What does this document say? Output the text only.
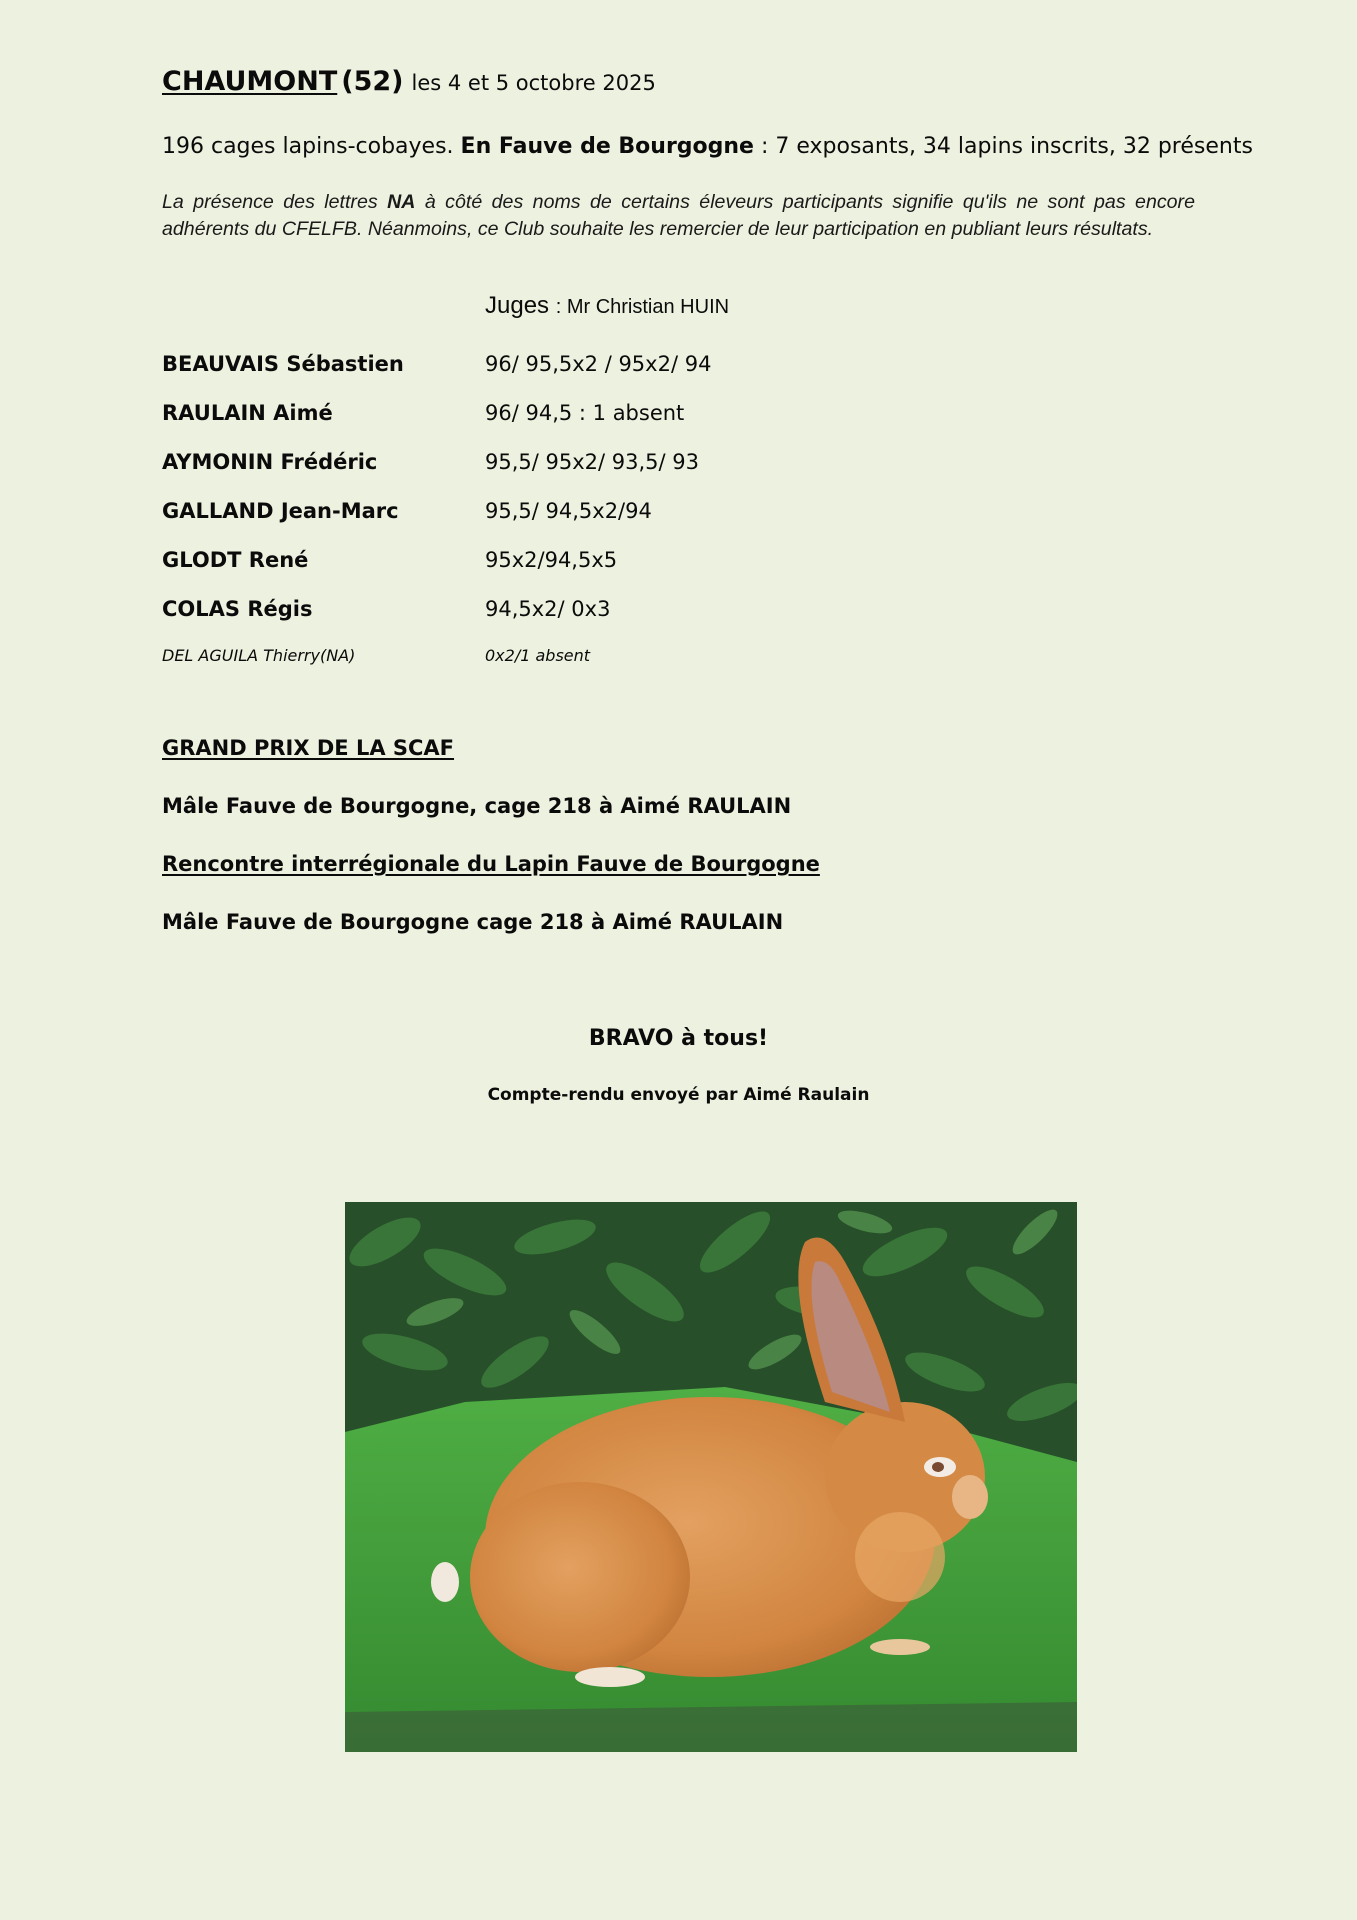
CHAUMONT (52) les 4 et 5 octobre 2025
196 cages lapins-cobayes. En Fauve de Bourgogne : 7 exposants, 34 lapins inscrits, 32 présents
La présence des lettres NA à côté des noms de certains éleveurs participants signifie qu'ils ne sont pas encore adhérents du CFELFB. Néanmoins, ce Club souhaite les remercier de leur participation en publiant leurs résultats.
Juges : Mr Christian HUIN
BEAUVAIS Sébastien	96/ 95,5x2 / 95x2/ 94
RAULAIN Aimé	96/ 94,5 : 1 absent
AYMONIN Frédéric	95,5/ 95x2/ 93,5/ 93
GALLAND Jean-Marc	95,5/ 94,5x2/94
GLODT René	95x2/94,5x5
COLAS Régis	94,5x2/ 0x3
DEL AGUILA Thierry(NA)	0x2/1 absent
GRAND PRIX DE LA SCAF
Mâle Fauve de Bourgogne, cage 218 à Aimé RAULAIN
Rencontre interrégionale du Lapin Fauve de Bourgogne
Mâle Fauve de Bourgogne cage 218 à Aimé RAULAIN
BRAVO à tous!
Compte-rendu envoyé par Aimé Raulain
